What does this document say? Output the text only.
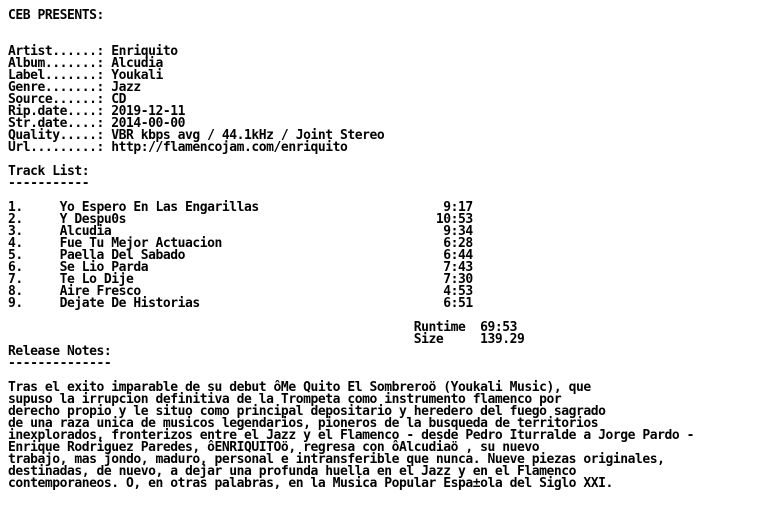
CEB PRESENTS:
Artist......: Enriquito
Album.......: Alcudia
Label.......: Youkali
Genre.......: Jazz
Source......: CD
Rip.date....: 2019-12-11
Str.date....: 2014-00-00
Quality.....: VBR kbps avg / 44.1kHz / Joint Stereo
Url.........: http://flamencojam.com/enriquito
Track List:
-----------
1.     Yo Espero En Las Engarillas                         9:17
2.     Y Despu0s                                          10:53
3.     Alcudia                                             9:34
4.     Fue Tu Mejor Actuacion                              6:28
5.     Paella Del Sabado                                   6:44
6.     Se Lio Parda                                        7:43
7.     Te Lo Dije                                          7:30
8.     Aire Fresco                                         4:53
9.     Dejate De Historias                                 6:51
Runtime  69:53
Size     139.29
Release Notes:
--------------
Tras el exito imparable de su debut ôMe Quito El Sombreroö (Youkali Music), que
supuso la irrupcion definitiva de la Trompeta como instrumento flamenco por
derecho propio y le situo como principal depositario y heredero del fuego sagrado
de una raza unica de musicos legendarios, pioneros de la busqueda de territorios
inexplorados, fronterizos entre el Jazz y el Flamenco - desde Pedro Iturralde a Jorge Pardo -
Enrique Rodriguez Paredes, ôENRIQUITOö, regresa con ôAlcudiaö , su nuevo
trabajo, mas jondo, maduro, personal e intransferible que nunca. Nueve piezas originales,
destinadas, de nuevo, a dejar una profunda huella en el Jazz y en el Flamenco
contemporaneos. O, en otras palabras, en la Musica Popular Espa±ola del Siglo XXI.
